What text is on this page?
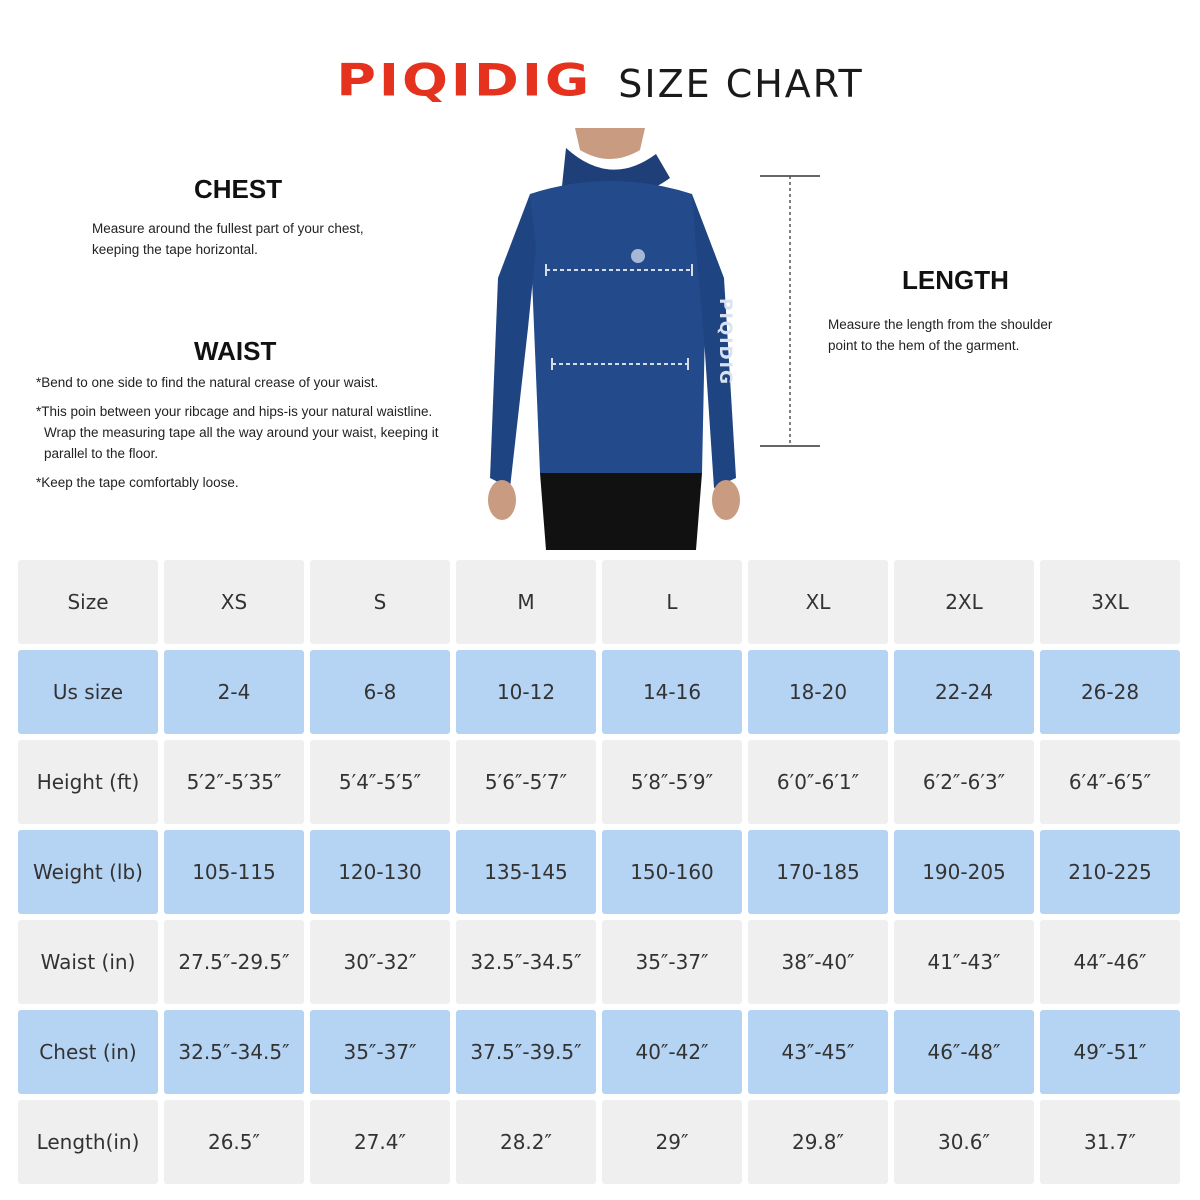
PIQIDIG SIZE CHART
CHEST
Measure around the fullest part of your chest,
keeping the tape horizontal.
WAIST

*Bend to one side to find the natural crease of your waist.

*This poin between your ribcage and hips-is your natural waistline. Wrap the measuring tape all the way around your waist, keeping it parallel to the floor.

*Keep the tape comfortably loose.

LENGTH
Measure the length from the shoulder
point to the hem of the garment.
PIQIDIG
Size	XS	S	M	L	XL	2XL	3XL
Us size	2-4	6-8	10-12	14-16	18-20	22-24	26-28
Height (ft)	5′2″-5′35″	5′4″-5′5″	5′6″-5′7″	5′8″-5′9″	6′0″-6′1″	6′2″-6′3″	6′4″-6′5″
Weight (lb)	105-115	120-130	135-145	150-160	170-185	190-205	210-225
Waist (in)	27.5″-29.5″	30″-32″	32.5″-34.5″	35″-37″	38″-40″	41″-43″	44″-46″
Chest (in)	32.5″-34.5″	35″-37″	37.5″-39.5″	40″-42″	43″-45″	46″-48″	49″-51″
Length(in)	26.5″	27.4″	28.2″	29″	29.8″	30.6″	31.7″
